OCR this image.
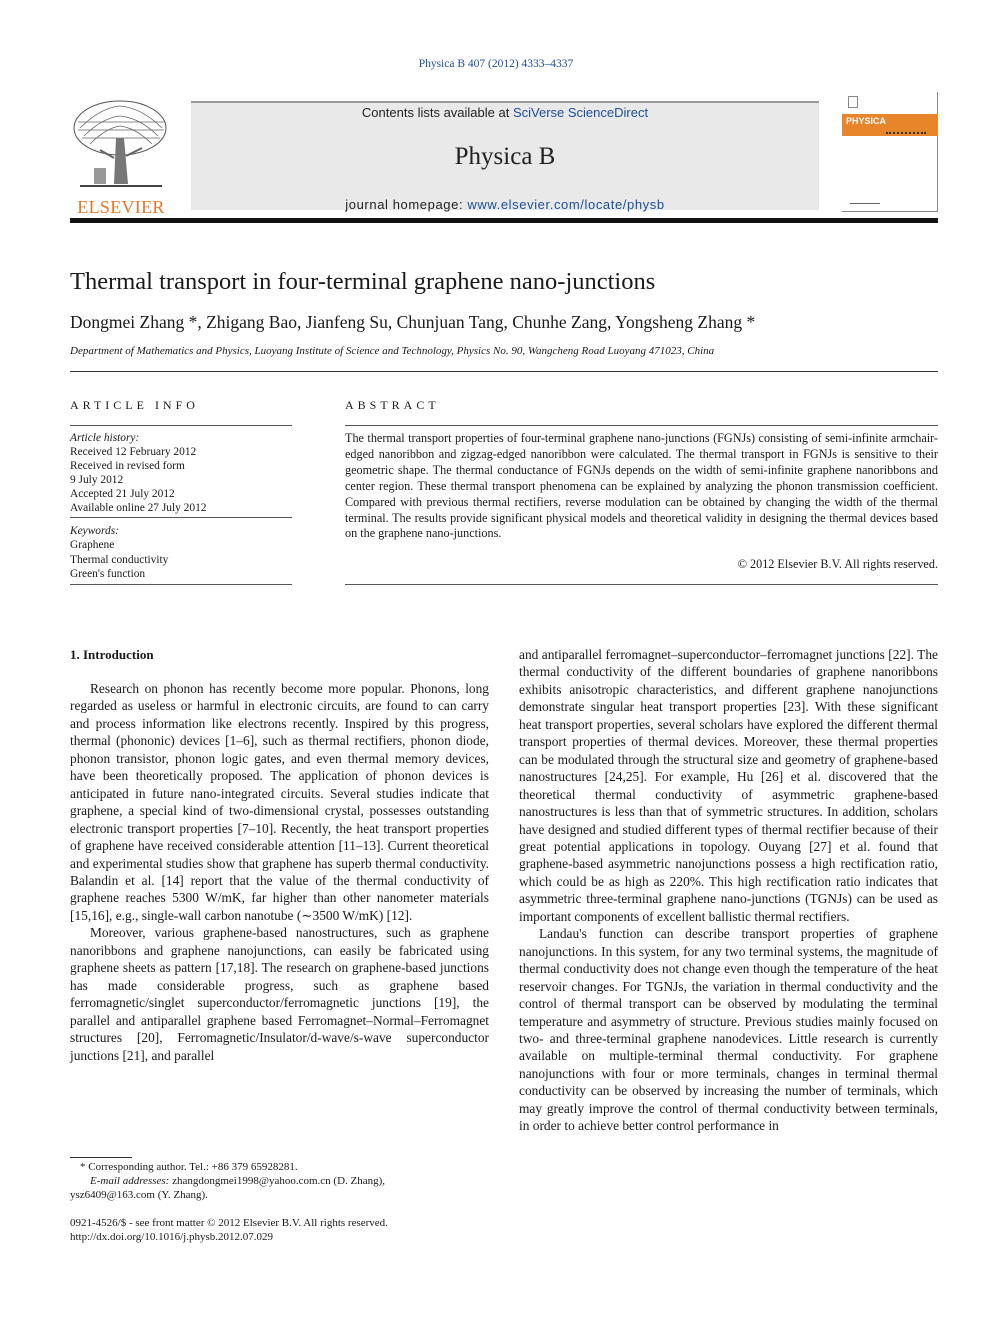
Physica B 407 (2012) 4333–4337
ELSEVIER
Contents lists available at SciVerse ScienceDirect
Physica B
journal homepage: www.elsevier.com/locate/physb
PHYSICA
Thermal transport in four-terminal graphene nano-junctions
Dongmei Zhang *, Zhigang Bao, Jianfeng Su, Chunjuan Tang, Chunhe Zang, Yongsheng Zhang *
Department of Mathematics and Physics, Luoyang Institute of Science and Technology, Physics No. 90, Wangcheng Road Luoyang 471023, China
ARTICLE INFO	ABSTRACT
Article history:
Received 12 February 2012
Received in revised form
9 July 2012
Accepted 21 July 2012
Available online 27 July 2012
Keywords:
Graphene
Thermal conductivity
Green's function
The thermal transport properties of four-terminal graphene nano-junctions (FGNJs) consisting of semi-infinite armchair-edged nanoribbon and zigzag-edged nanoribbon were calculated. The thermal transport in FGNJs is sensitive to their geometric shape. The thermal conductance of FGNJs depends on the width of semi-infinite graphene nanoribbons and center region. These thermal transport phenomena can be explained by analyzing the phonon transmission coefficient. Compared with previous thermal rectifiers, reverse modulation can be obtained by changing the width of the thermal terminal. The results provide significant physical models and theoretical validity in designing the thermal devices based on the graphene nano-junctions.
© 2012 Elsevier B.V. All rights reserved.
1. Introduction

Research on phonon has recently become more popular. Phonons, long regarded as useless or harmful in electronic circuits, are found to can carry and process information like electrons recently. Inspired by this progress, thermal (phononic) devices [1–6], such as thermal rectifiers, phonon diode, phonon transistor, phonon logic gates, and even thermal memory devices, have been theoretically proposed. The application of phonon devices is anticipated in future nano-integrated circuits. Several studies indicate that graphene, a special kind of two-dimensional crystal, possesses outstanding electronic transport properties [7–10]. Recently, the heat transport properties of graphene have received considerable attention [11–13]. Current theoretical and experimental studies show that graphene has superb thermal conductivity. Balandin et al. [14] report that the value of the thermal conductivity of graphene reaches 5300 W/mK, far higher than other nanometer materials [15,16], e.g., single-wall carbon nanotube (∼3500 W/mK) [12].

Moreover, various graphene-based nanostructures, such as graphene nanoribbons and graphene nanojunctions, can easily be fabricated using graphene sheets as pattern [17,18]. The research on graphene-based junctions has made considerable progress, such as graphene based ferromagnetic/singlet superconductor/ferromagnetic junctions [19], the parallel and antiparallel graphene based Ferromagnet–Normal–Ferromagnet structures [20], Ferromagnetic/Insulator/d-wave/s-wave superconductor junctions [21], and parallel

and antiparallel ferromagnet–superconductor–ferromagnet junctions [22]. The thermal conductivity of the different boundaries of graphene nanoribbons exhibits anisotropic characteristics, and different graphene nanojunctions demonstrate singular heat transport properties [23]. With these significant heat transport properties, several scholars have explored the different thermal transport properties of thermal devices. Moreover, these thermal properties can be modulated through the structural size and geometry of graphene-based nanostructures [24,25]. For example, Hu [26] et al. discovered that the theoretical thermal conductivity of asymmetric graphene-based nanostructures is less than that of symmetric structures. In addition, scholars have designed and studied different types of thermal rectifier because of their great potential applications in topology. Ouyang [27] et al. found that graphene-based asymmetric nanojunctions possess a high rectification ratio, which could be as high as 220%. This high rectification ratio indicates that asymmetric three-terminal graphene nano-junctions (TGNJs) can be used as important components of excellent ballistic thermal rectifiers.

Landau's function can describe transport properties of graphene nanojunctions. In this system, for any two terminal systems, the magnitude of thermal conductivity does not change even though the temperature of the heat reservoir changes. For TGNJs, the variation in thermal conductivity and the control of thermal transport can be observed by modulating the terminal temperature and asymmetry of structure. Previous studies mainly focused on two- and three-terminal graphene nanodevices. Little research is currently available on multiple-terminal thermal conductivity. For graphene nanojunctions with four or more terminals, changes in terminal thermal conductivity can be observed by increasing the number of terminals, which may greatly improve the control of thermal conductivity between terminals, in order to achieve better control performance in

* Corresponding author. Tel.: +86 379 65928281.
E-mail addresses: zhangdongmei1998@yahoo.com.cn (D. Zhang),
ysz6409@163.com (Y. Zhang).
0921-4526/$ - see front matter © 2012 Elsevier B.V. All rights reserved.
http://dx.doi.org/10.1016/j.physb.2012.07.029
